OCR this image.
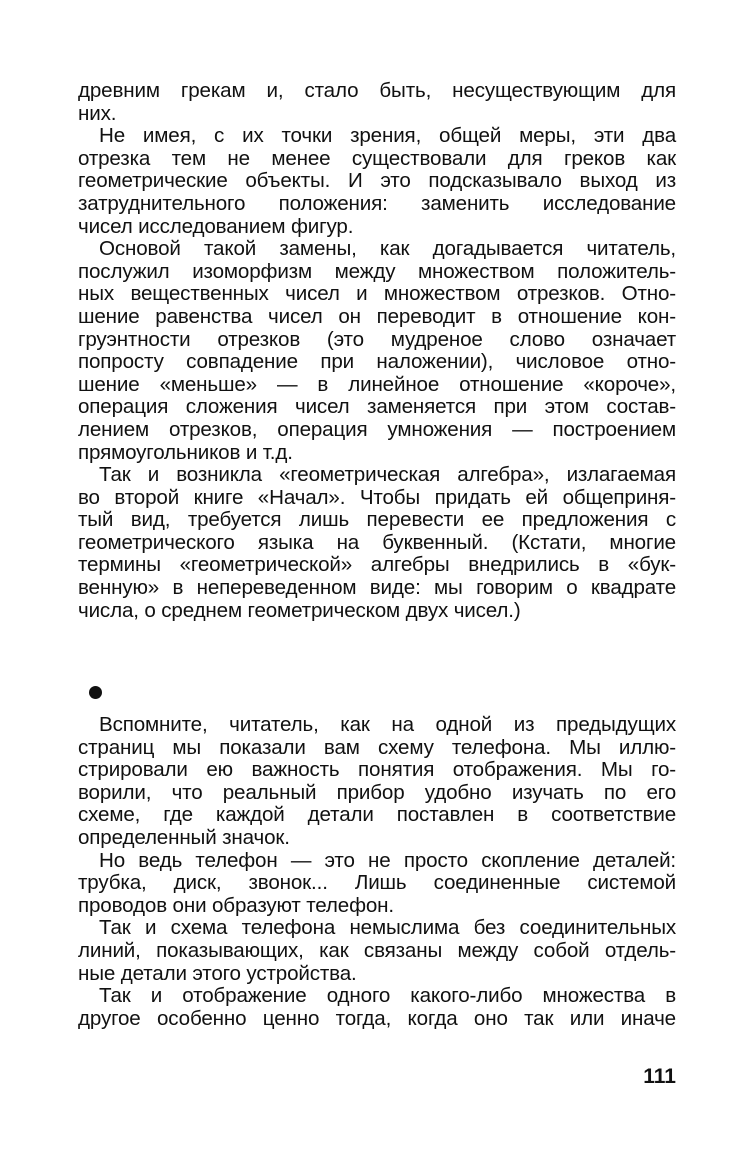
древним грекам и, стало быть, несуществующим для
них.

Не имея, с их точки зрения, общей меры, эти два
отрезка тем не менее существовали для греков как
геометрические объекты. И это подсказывало выход из
затруднительного положения: заменить исследование
чисел исследованием фигур.

Основой такой замены, как догадывается читатель,
послужил изоморфизм между множеством положитель-
ных вещественных чисел и множеством отрезков. Отно-
шение равенства чисел он переводит в отношение кон-
груэнтности отрезков (это мудреное слово означает
попросту совпадение при наложении), числовое отно-
шение «меньше» — в линейное отношение «короче»,
операция сложения чисел заменяется при этом состав-
лением отрезков, операция умножения — построением
прямоугольников и т.д.

Так и возникла «геометрическая алгебра», излагаемая
во второй книге «Начал». Чтобы придать ей общеприня-
тый вид, требуется лишь перевести ее предложения с
геометрического языка на буквенный. (Кстати, многие
термины «геометрической» алгебры внедрились в «бук-
венную» в непереведенном виде: мы говорим о квадрате
числа, о среднем геометрическом двух чисел.)

Вспомните, читатель, как на одной из предыдущих
страниц мы показали вам схему телефона. Мы иллю-
стрировали ею важность понятия отображения. Мы го-
ворили, что реальный прибор удобно изучать по его
схеме, где каждой детали поставлен в соответствие
определенный значок.

Но ведь телефон — это не просто скопление деталей:
трубка, диск, звонок... Лишь соединенные системой
проводов они образуют телефон.

Так и схема телефона немыслима без соединительных
линий, показывающих, как связаны между собой отдель-
ные детали этого устройства.

Так и отображение одного какого-либо множества в
другое особенно ценно тогда, когда оно так или иначе

111
